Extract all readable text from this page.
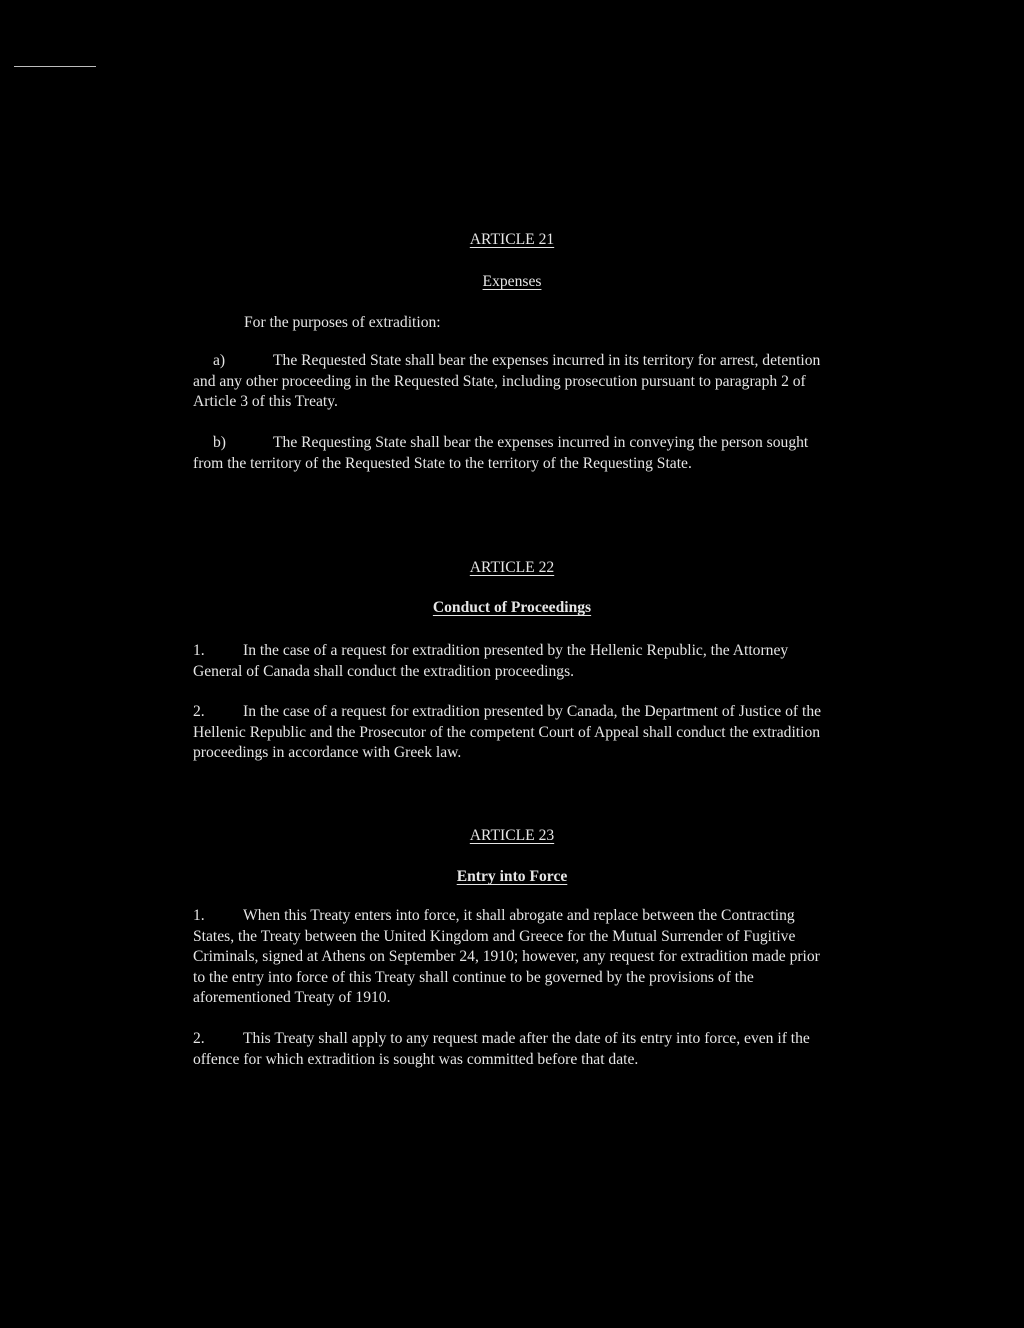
ARTICLE 21
Expenses
For the purposes of extradition:

a)	The Requested State shall bear the expenses incurred in its territory for arrest, detention and any other proceeding in the Requested State, including prosecution pursuant to paragraph 2 of Article 3 of this Treaty.

b)	The Requesting State shall bear the expenses incurred in conveying the person sought from the territory of the Requested State to the territory of the Requesting State.

ARTICLE 22
Conduct of Proceedings

1. In the case of a request for extradition presented by the Hellenic Republic, the Attorney General of Canada shall conduct the extradition proceedings.

2. In the case of a request for extradition presented by Canada, the Department of Justice of the Hellenic Republic and the Prosecutor of the competent Court of Appeal shall conduct the extradition proceedings in accordance with Greek law.

ARTICLE 23
Entry into Force

1. When this Treaty enters into force, it shall abrogate and replace between the Contracting States, the Treaty between the United Kingdom and Greece for the Mutual Surrender of Fugitive Criminals, signed at Athens on September 24, 1910; however, any request for extradition made prior to the entry into force of this Treaty shall continue to be governed by the provisions of the aforementioned Treaty of 1910.

2. This Treaty shall apply to any request made after the date of its entry into force, even if the offence for which extradition is sought was committed before that date.
